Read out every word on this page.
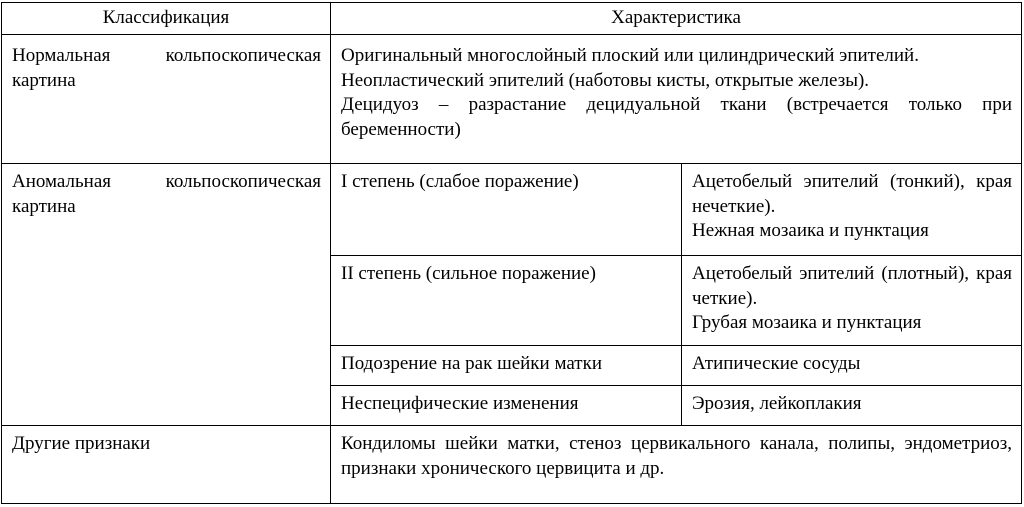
Классификация	Характеристика	
Нормальная кольпоскопическая картина	Оригинальный многослойный плоский или цилиндрический эпителий.
Неопластический эпителий (наботовы кисты, открытые железы).
Децидуоз – разрастание децидуальной ткани (встречается только при беременности)	

Аномальная кольпоскопическая картина	I степень (слабое поражение)	Ацетобелый эпителий (тонкий), края нечеткие).
Нежная мозаика и пунктация

	II степень (сильное поражение)	Ацетобелый эпителий (плотный), края четкие).
Грубая мозаика и пунктация

	Подозрение на рак шейки матки	Атипические сосуды
	Неспецифические изменения	Эрозия, лейкоплакия
Другие признаки	Кондиломы шейки матки, стеноз цервикального канала, полипы, эндометриоз, признаки хронического цервицита и др.	
